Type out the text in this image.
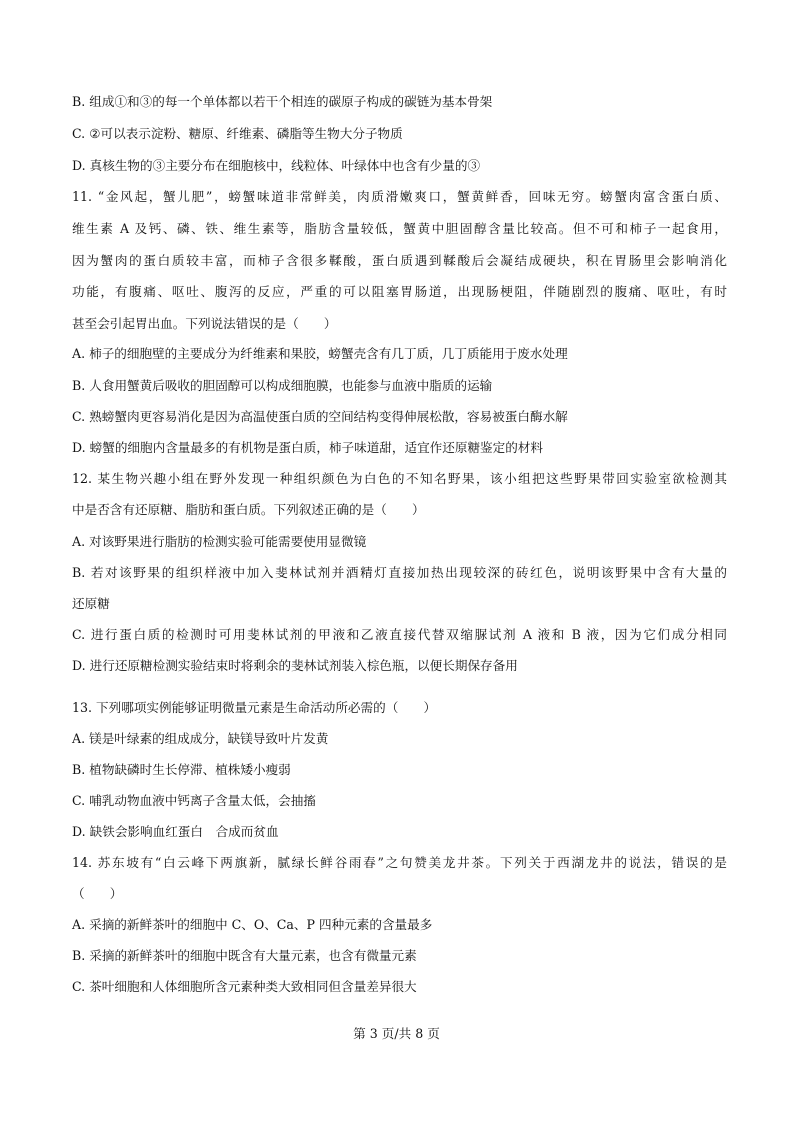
B. 组成①和③的每一个单体都以若干个相连的碳原子构成的碳链为基本骨架
C. ②可以表示淀粉、糖原、纤维素、磷脂等生物大分子物质
D. 真核生物的③主要分布在细胞核中，线粒体、叶绿体中也含有少量的③
11. “金风起，蟹儿肥”，螃蟹味道非常鲜美，肉质滑嫩爽口，蟹黄鲜香，回味无穷。螃蟹肉富含蛋白质、
维生素 A 及钙、磷、铁、维生素等，脂肪含量较低，蟹黄中胆固醇含量比较高。但不可和柿子一起食用，
因为蟹肉的蛋白质较丰富，而柿子含很多鞣酸，蛋白质遇到鞣酸后会凝结成硬块，积在胃肠里会影响消化
功能，有腹痛、呕吐、腹泻的反应，严重的可以阻塞胃肠道，出现肠梗阻，伴随剧烈的腹痛、呕吐，有时
甚至会引起胃出血。下列说法错误的是（　　）
A. 柿子的细胞壁的主要成分为纤维素和果胶，螃蟹壳含有几丁质，几丁质能用于废水处理
B. 人食用蟹黄后吸收的胆固醇可以构成细胞膜，也能参与血液中脂质的运输
C. 熟螃蟹肉更容易消化是因为高温使蛋白质的空间结构变得伸展松散，容易被蛋白酶水解
D. 螃蟹的细胞内含量最多的有机物是蛋白质，柿子味道甜，适宜作还原糖鉴定的材料
12. 某生物兴趣小组在野外发现一种组织颜色为白色的不知名野果，该小组把这些野果带回实验室欲检测其
中是否含有还原糖、脂肪和蛋白质。下列叙述正确的是（　　）
A. 对该野果进行脂肪的检测实验可能需要使用显微镜
B. 若对该野果的组织样液中加入斐林试剂并酒精灯直接加热出现较深的砖红色，说明该野果中含有大量的
还原糖
C. 进行蛋白质的检测时可用斐林试剂的甲液和乙液直接代替双缩脲试剂 A 液和 B 液，因为它们成分相同
D. 进行还原糖检测实验结束时将剩余的斐林试剂装入棕色瓶，以便长期保存备用
13. 下列哪项实例能够证明微量元素是生命活动所必需的（　　）
A. 镁是叶绿素的组成成分，缺镁导致叶片发黄
B. 植物缺磷时生长停滞、植株矮小瘦弱
C. 哺乳动物血液中钙离子含量太低，会抽搐
D. 缺铁会影响血红蛋白　合成而贫血
14. 苏东坡有“白云峰下两旗新，腻绿长鲜谷雨春”之句赞美龙井茶。下列关于西湖龙井的说法，错误的是
（　　）
A. 采摘的新鲜茶叶的细胞中 C、O、Ca、P 四种元素的含量最多
B. 采摘的新鲜茶叶的细胞中既含有大量元素，也含有微量元素
C. 茶叶细胞和人体细胞所含元素种类大致相同但含量差异很大
第 3 页/共 8 页
